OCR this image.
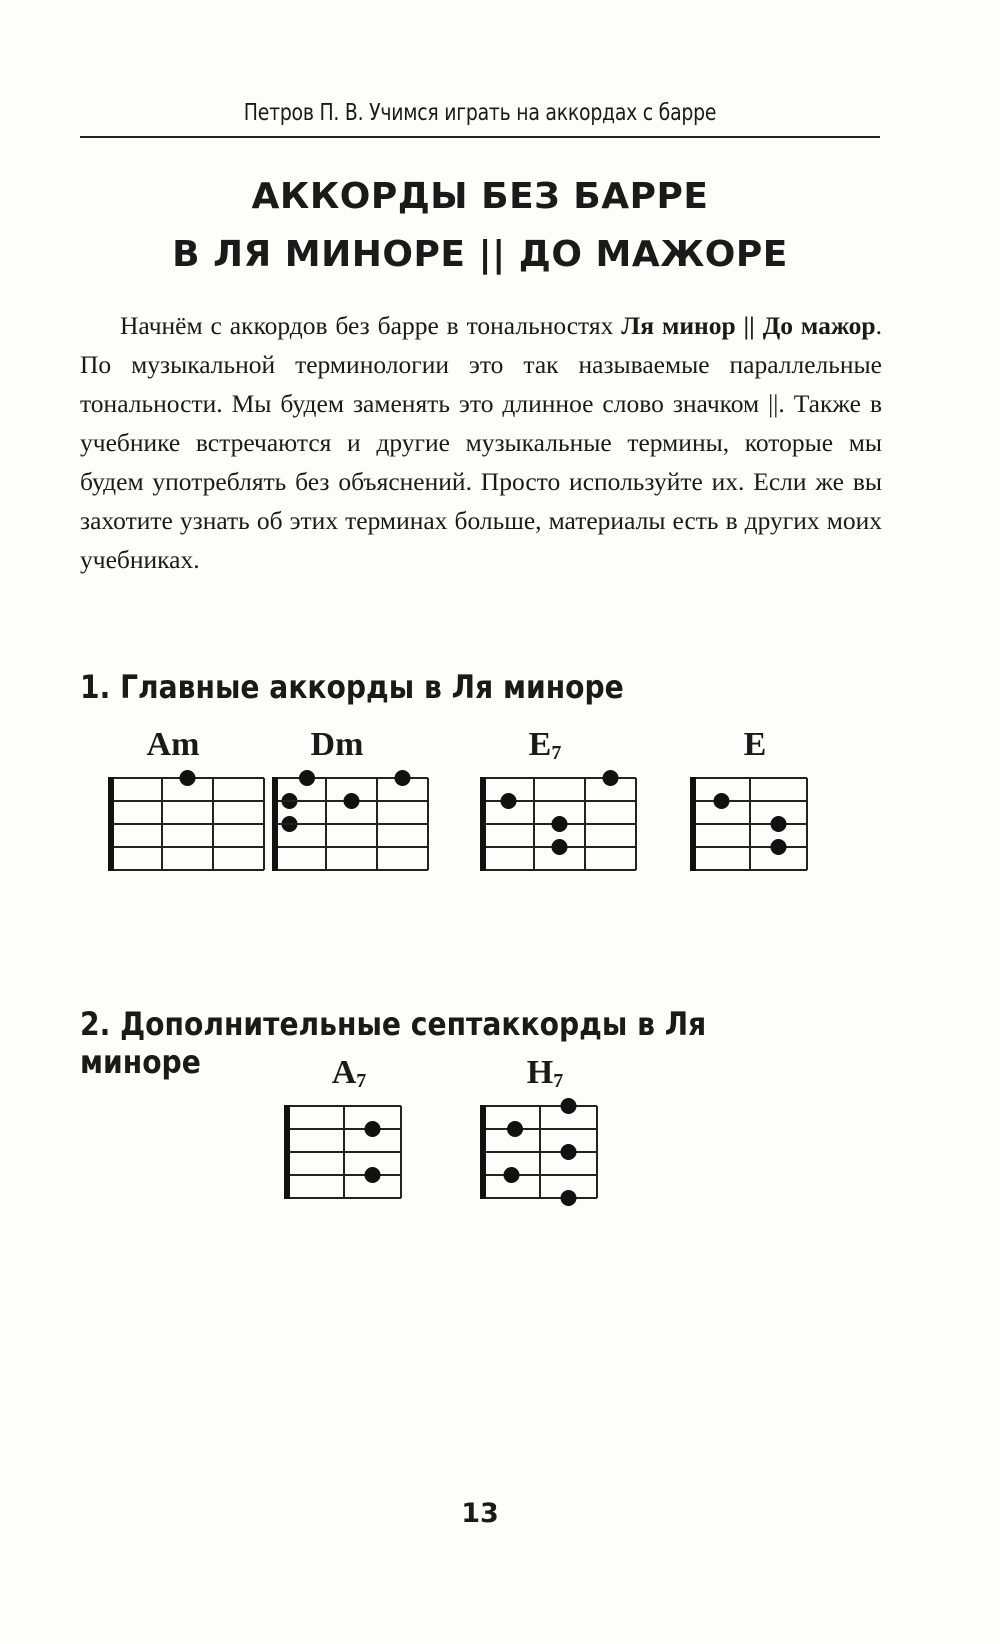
Петров П. В. Учимся играть на аккордах с барре
АККОРДЫ БЕЗ БАРРЕ
В ЛЯ МИНОРЕ || ДО МАЖОРЕ

Начнём с аккордов без барре в тональностях Ля минор || До мажор. По музыкальной терминологии это так называемые параллельные тональности. Мы будем заменять это длинное слово значком ||. Также в учебнике встречаются и другие музыкальные термины, которые мы будем употреблять без объяснений. Просто используйте их. Если же вы захотите узнать об этих терминах больше, материалы есть в других моих учебниках.

1. Главные аккорды в Ля миноре
Am	Dm	$E_7$	E
2. Дополнительные септаккорды в Ля миноре	$A_7$	$H_7$
13
